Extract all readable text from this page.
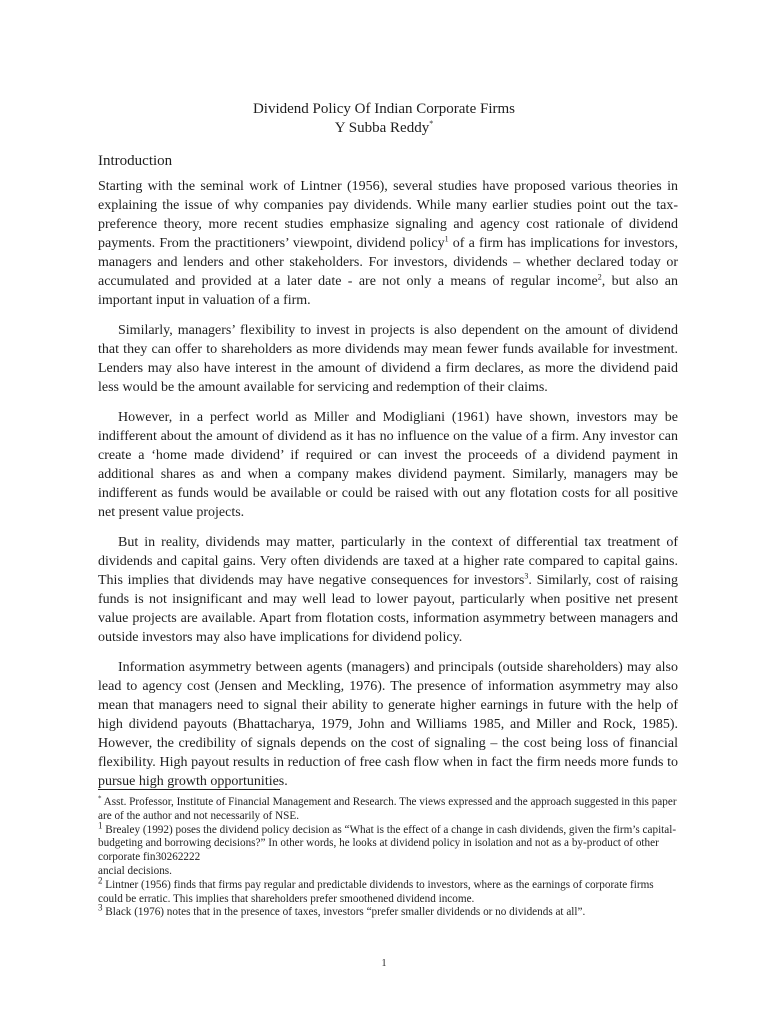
Dividend Policy Of Indian Corporate Firms
Y Subba Reddy*
Introduction

Starting with the seminal work of Lintner (1956), several studies have proposed various theories in explaining the issue of why companies pay dividends. While many earlier studies point out the tax-preference theory, more recent studies emphasize signaling and agency cost rationale of dividend payments. From the practitioners’ viewpoint, dividend policy$^1$ of a firm has implications for investors, managers and lenders and other stakeholders. For investors, dividends – whether declared today or accumulated and provided at a later date - are not only a means of regular income$^2$, but also an important input in valuation of a firm.

Similarly, managers’ flexibility to invest in projects is also dependent on the amount of dividend that they can offer to shareholders as more dividends may mean fewer funds available for investment. Lenders may also have interest in the amount of dividend a firm declares, as more the dividend paid less would be the amount available for servicing and redemption of their claims.

However, in a perfect world as Miller and Modigliani (1961) have shown, investors may be indifferent about the amount of dividend as it has no influence on the value of a firm. Any investor can create a ‘home made dividend’ if required or can invest the proceeds of a dividend payment in additional shares as and when a company makes dividend payment. Similarly, managers may be indifferent as funds would be available or could be raised with out any flotation costs for all positive net present value projects.

But in reality, dividends may matter, particularly in the context of differential tax treatment of dividends and capital gains. Very often dividends are taxed at a higher rate compared to capital gains. This implies that dividends may have negative consequences for investors$^3$. Similarly, cost of raising funds is not insignificant and may well lead to lower payout, particularly when positive net present value projects are available. Apart from flotation costs, information asymmetry between managers and outside investors may also have implications for dividend policy.

Information asymmetry between agents (managers) and principals (outside shareholders) may also lead to agency cost (Jensen and Meckling, 1976). The presence of information asymmetry may also mean that managers need to signal their ability to generate higher earnings in future with the help of high dividend payouts (Bhattacharya, 1979, John and Williams 1985, and Miller and Rock, 1985). However, the credibility of signals depends on the cost of signaling – the cost being loss of financial flexibility. High payout results in reduction of free cash flow when in fact the firm needs more funds to pursue high growth opportunities.

* Asst. Professor, Institute of Financial Management and Research. The views expressed and the approach suggested in this paper are of the author and not necessarily of NSE.

$^1$ Brealey (1992) poses the dividend policy decision as “What is the effect of a change in cash dividends, given the firm’s capital-budgeting and borrowing decisions?” In other words, he looks at dividend policy in isolation and not as a by-product of other corporate fin30262222
ancial decisions.

$^2$ Lintner (1956) finds that firms pay regular and predictable dividends to investors, where as the earnings of corporate firms could be erratic. This implies that shareholders prefer smoothened dividend income.

$^3$ Black (1976) notes that in the presence of taxes, investors “prefer smaller dividends or no dividends at all”.

1
